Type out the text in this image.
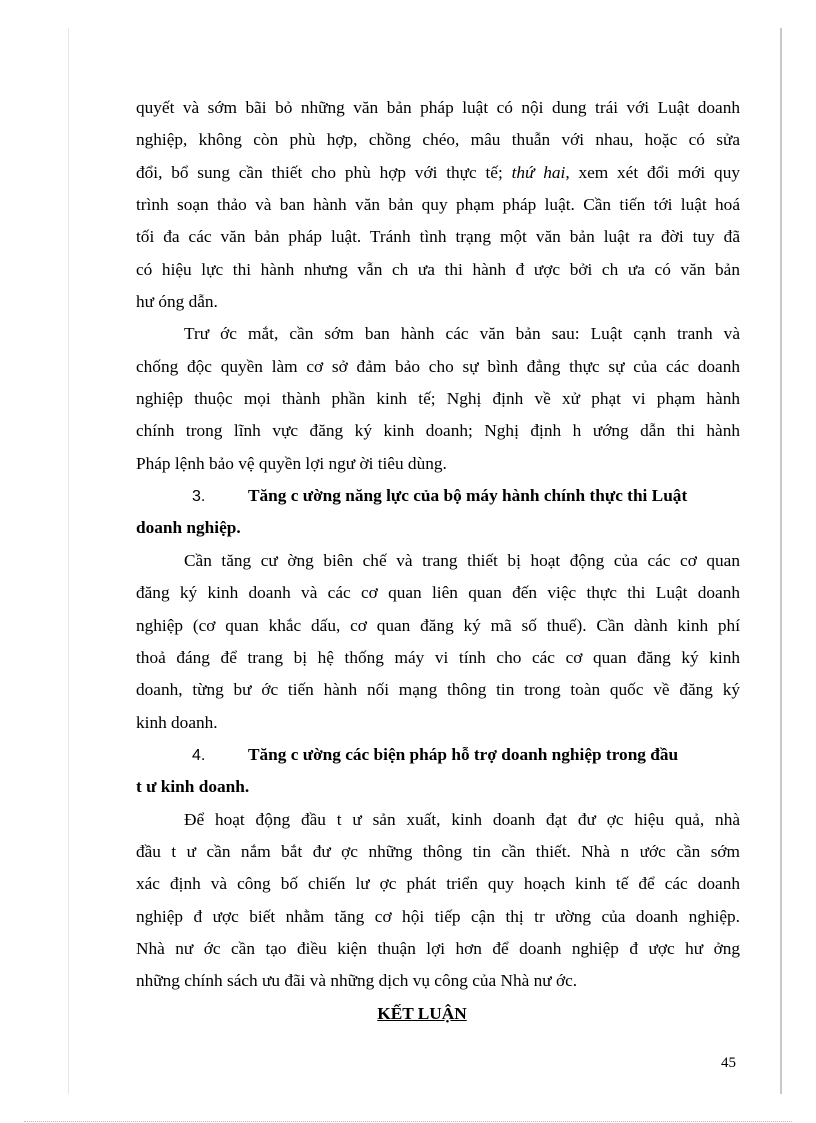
quyết và sớm bãi bỏ những văn bản pháp luật có nội dung trái với Luật doanh
nghiệp, không còn phù hợp, chồng chéo, mâu thuẫn với nhau, hoặc có sửa
đổi, bổ sung cần thiết cho phù hợp với thực tế; thứ hai, xem xét đổi mới quy
trình soạn thảo và ban hành văn bản quy phạm pháp luật. Cần tiến tới luật hoá
tối đa các văn bản pháp luật. Tránh tình trạng một văn bản luật ra đời tuy đã
có hiệu lực thi hành nhưng vẫn ch ưa thi hành đ ược bởi ch ưa có văn bản
hư óng dẫn.
Trư ớc mắt, cần sớm ban hành các văn bản sau: Luật cạnh tranh và
chống độc quyền làm cơ sở đảm bảo cho sự bình đẳng thực sự của các doanh
nghiệp thuộc mọi thành phần kinh tế; Nghị định về xử phạt vi phạm hành
chính trong lĩnh vực đăng ký kinh doanh; Nghị định h ướng dẫn thi hành
Pháp lệnh bảo vệ quyền lợi ngư ời tiêu dùng.
3. Tăng c ường năng lực của bộ máy hành chính thực thi Luật
doanh nghiệp.
Cần tăng cư ờng biên chế và trang thiết bị hoạt động của các cơ quan
đăng ký kinh doanh và các cơ quan liên quan đến việc thực thi Luật doanh
nghiệp (cơ quan khắc dấu, cơ quan đăng ký mã số thuế). Cần dành kinh phí
thoả đáng để trang bị hệ thống máy vi tính cho các cơ quan đăng ký kinh
doanh, từng bư ớc tiến hành nối mạng thông tin trong toàn quốc về đăng ký
kinh doanh.
4. Tăng c ường các biện pháp hỗ trợ doanh nghiệp trong đầu
t ư kinh doanh.
Để hoạt động đầu t ư sản xuất, kinh doanh đạt đư ợc hiệu quả, nhà
đầu t ư cần nắm bắt đư ợc những thông tin cần thiết. Nhà n ước cần sớm
xác định và công bố chiến lư ợc phát triển quy hoạch kinh tế để các doanh
nghiệp đ ược biết nhằm tăng cơ hội tiếp cận thị tr ường của doanh nghiệp.
Nhà nư ớc cần tạo điều kiện thuận lợi hơn để doanh nghiệp đ ược hư ởng
những chính sách ưu đãi và những dịch vụ công của Nhà nư ớc.
KẾT LUẬN
45
